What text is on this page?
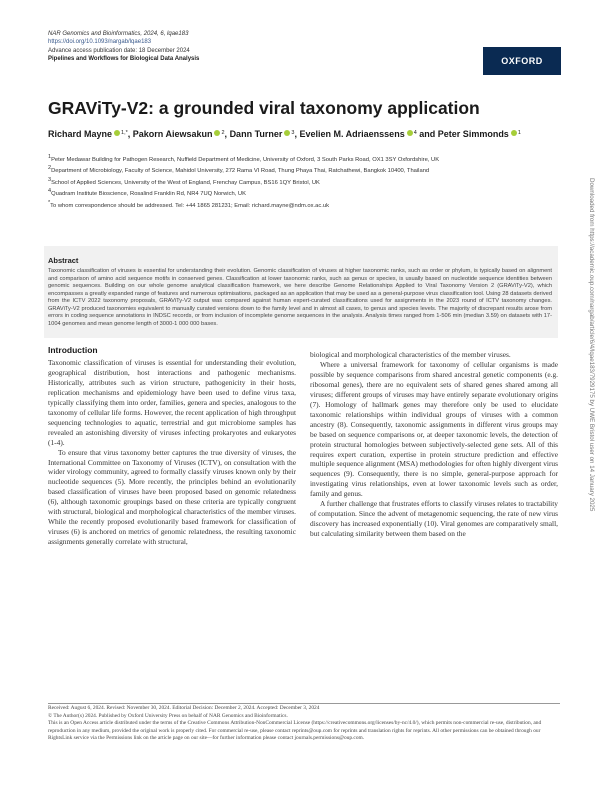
NAR Genomics and Bioinformatics, 2024, 6, lqae183
https://doi.org/10.1093/nargab/lqae183
Advance access publication date: 18 December 2024
Pipelines and Workflows for Biological Data Analysis	OXFORD
GRAViTy-V2: a grounded viral taxonomy application
Richard Mayne $^{1,*}$, Pakorn Aiewsakun $^2$, Dann Turner $^3$, Evelien M. Adriaenssens $^4$ and Peter Simmonds $^1$
1Peter Medawar Building for Pathogen Research, Nuffield Department of Medicine, University of Oxford, 3 South Parks Road, OX1 3SY Oxfordshire, UK
2Department of Microbiology, Faculty of Science, Mahidol University, 272 Rama VI Road, Thung Phaya Thai, Ratchathewi, Bangkok 10400, Thailand
3School of Applied Sciences, University of the West of England, Frenchay Campus, BS16 1QY Bristol, UK
4Quadram Institute Bioscience, Rosalind Franklin Rd, NR4 7UQ Norwich, UK
*To whom correspondence should be addressed. Tel: +44 1865 281231; Email: richard.mayne@ndm.ox.ac.uk
Abstract
Taxonomic classification of viruses is essential for understanding their evolution. Genomic classification of viruses at higher taxonomic ranks, such as order or phylum, is typically based on alignment and comparison of amino acid sequence motifs in conserved genes. Classification at lower taxonomic ranks, such as genus or species, is usually based on nucleotide sequence identities between genomic sequences. Building on our whole genome analytical classification framework, we here describe Genome Relationships Applied to Viral Taxonomy Version 2 (GRAViTy-V2), which encompasses a greatly expanded range of features and numerous optimisations, packaged as an application that may be used as a general-purpose virus classification tool. Using 28 datasets derived from the ICTV 2022 taxonomy proposals, GRAViTy-V2 output was compared against human expert-curated classifications used for assignments in the 2023 round of ICTV taxonomy changes. GRAViTy-V2 produced taxonomies equivalent to manually curated versions down to the family level and in almost all cases, to genus and species levels. The majority of discrepant results arose from errors in coding sequence annotations in INDSC records, or from inclusion of incomplete genome sequences in the analysis. Analysis times ranged from 1-506 min (median 3.59) on datasets with 17-1004 genomes and mean genome length of 3000-1 000 000 bases.
Introduction

Taxonomic classification of viruses is essential for understanding their evolution, geographical distribution, host interactions and pathogenic mechanisms. Historically, attributes such as virion structure, pathogenicity in their hosts, replication mechanisms and epidemiology have been used to define virus taxa, typically classifying them into order, families, genera and species, analogous to the taxonomy of cellular life forms. However, the recent application of high throughput sequencing technologies to aquatic, terrestrial and gut microbiome samples has revealed an astonishing diversity of viruses infecting prokaryotes and eukaryotes (1-4).

To ensure that virus taxonomy better captures the true diversity of viruses, the International Committee on Taxonomy of Viruses (ICTV), on consultation with the wider virology community, agreed to formally classify viruses known only by their nucleotide sequences (5). More recently, the principles behind an evolutionarily based classification of viruses have been proposed based on genomic relatedness (6), although taxonomic groupings based on these criteria are typically congruent with structural, biological and morphological characteristics of the member viruses. While the recently proposed evolutionarily based framework for classification of viruses (6) is anchored on metrics of genomic relatedness, the resulting taxonomic assignments generally correlate with structural,

biological and morphological characteristics of the member viruses.

Where a universal framework for taxonomy of cellular organisms is made possible by sequence comparisons from shared ancestral genetic components (e.g. ribosomal genes), there are no equivalent sets of shared genes shared among all viruses; different groups of viruses may have entirely separate evolutionary origins (7). Homology of hallmark genes may therefore only be used to elucidate taxonomic relationships within individual groups of viruses with a common ancestry (8). Consequently, taxonomic assignments in different virus groups may be based on sequence comparisons or, at deeper taxonomic levels, the detection of protein structural homologies between subjectively-selected gene sets. All of this requires expert curation, expertise in protein structure prediction and effective multiple sequence alignment (MSA) methodologies for often highly divergent virus sequences (9). Consequently, there is no simple, general-purpose approach for investigating virus relationships, even at lower taxonomic levels such as order, family and genus.

A further challenge that frustrates efforts to classify viruses relates to tractability of computation. Since the advent of metagenomic sequencing, the rate of new virus discovery has increased exponentially (10). Viral genomes are comparatively small, but calculating similarity between them based on the

Received: August 6, 2024. Revised: November 30, 2024. Editorial Decision: December 2, 2024. Accepted: December 3, 2024
© The Author(s) 2024. Published by Oxford University Press on behalf of NAR Genomics and Bioinformatics.
This is an Open Access article distributed under the terms of the Creative Commons Attribution-NonCommercial License (https://creativecommons.org/licenses/by-nc/4.0/), which permits non-commercial re-use, distribution, and reproduction in any medium, provided the original work is properly cited. For commercial re-use, please contact reprints@oup.com for reprints and translation rights for reprints. All other permissions can be obtained through our RightsLink service via the Permissions link on the article page on our site—for further information please contact journals.permissions@oup.com.
Downloaded from https://academic.oup.com/nargab/article/6/4/lqae183/7929175 by UWE Bristol user on 14 January 2025
